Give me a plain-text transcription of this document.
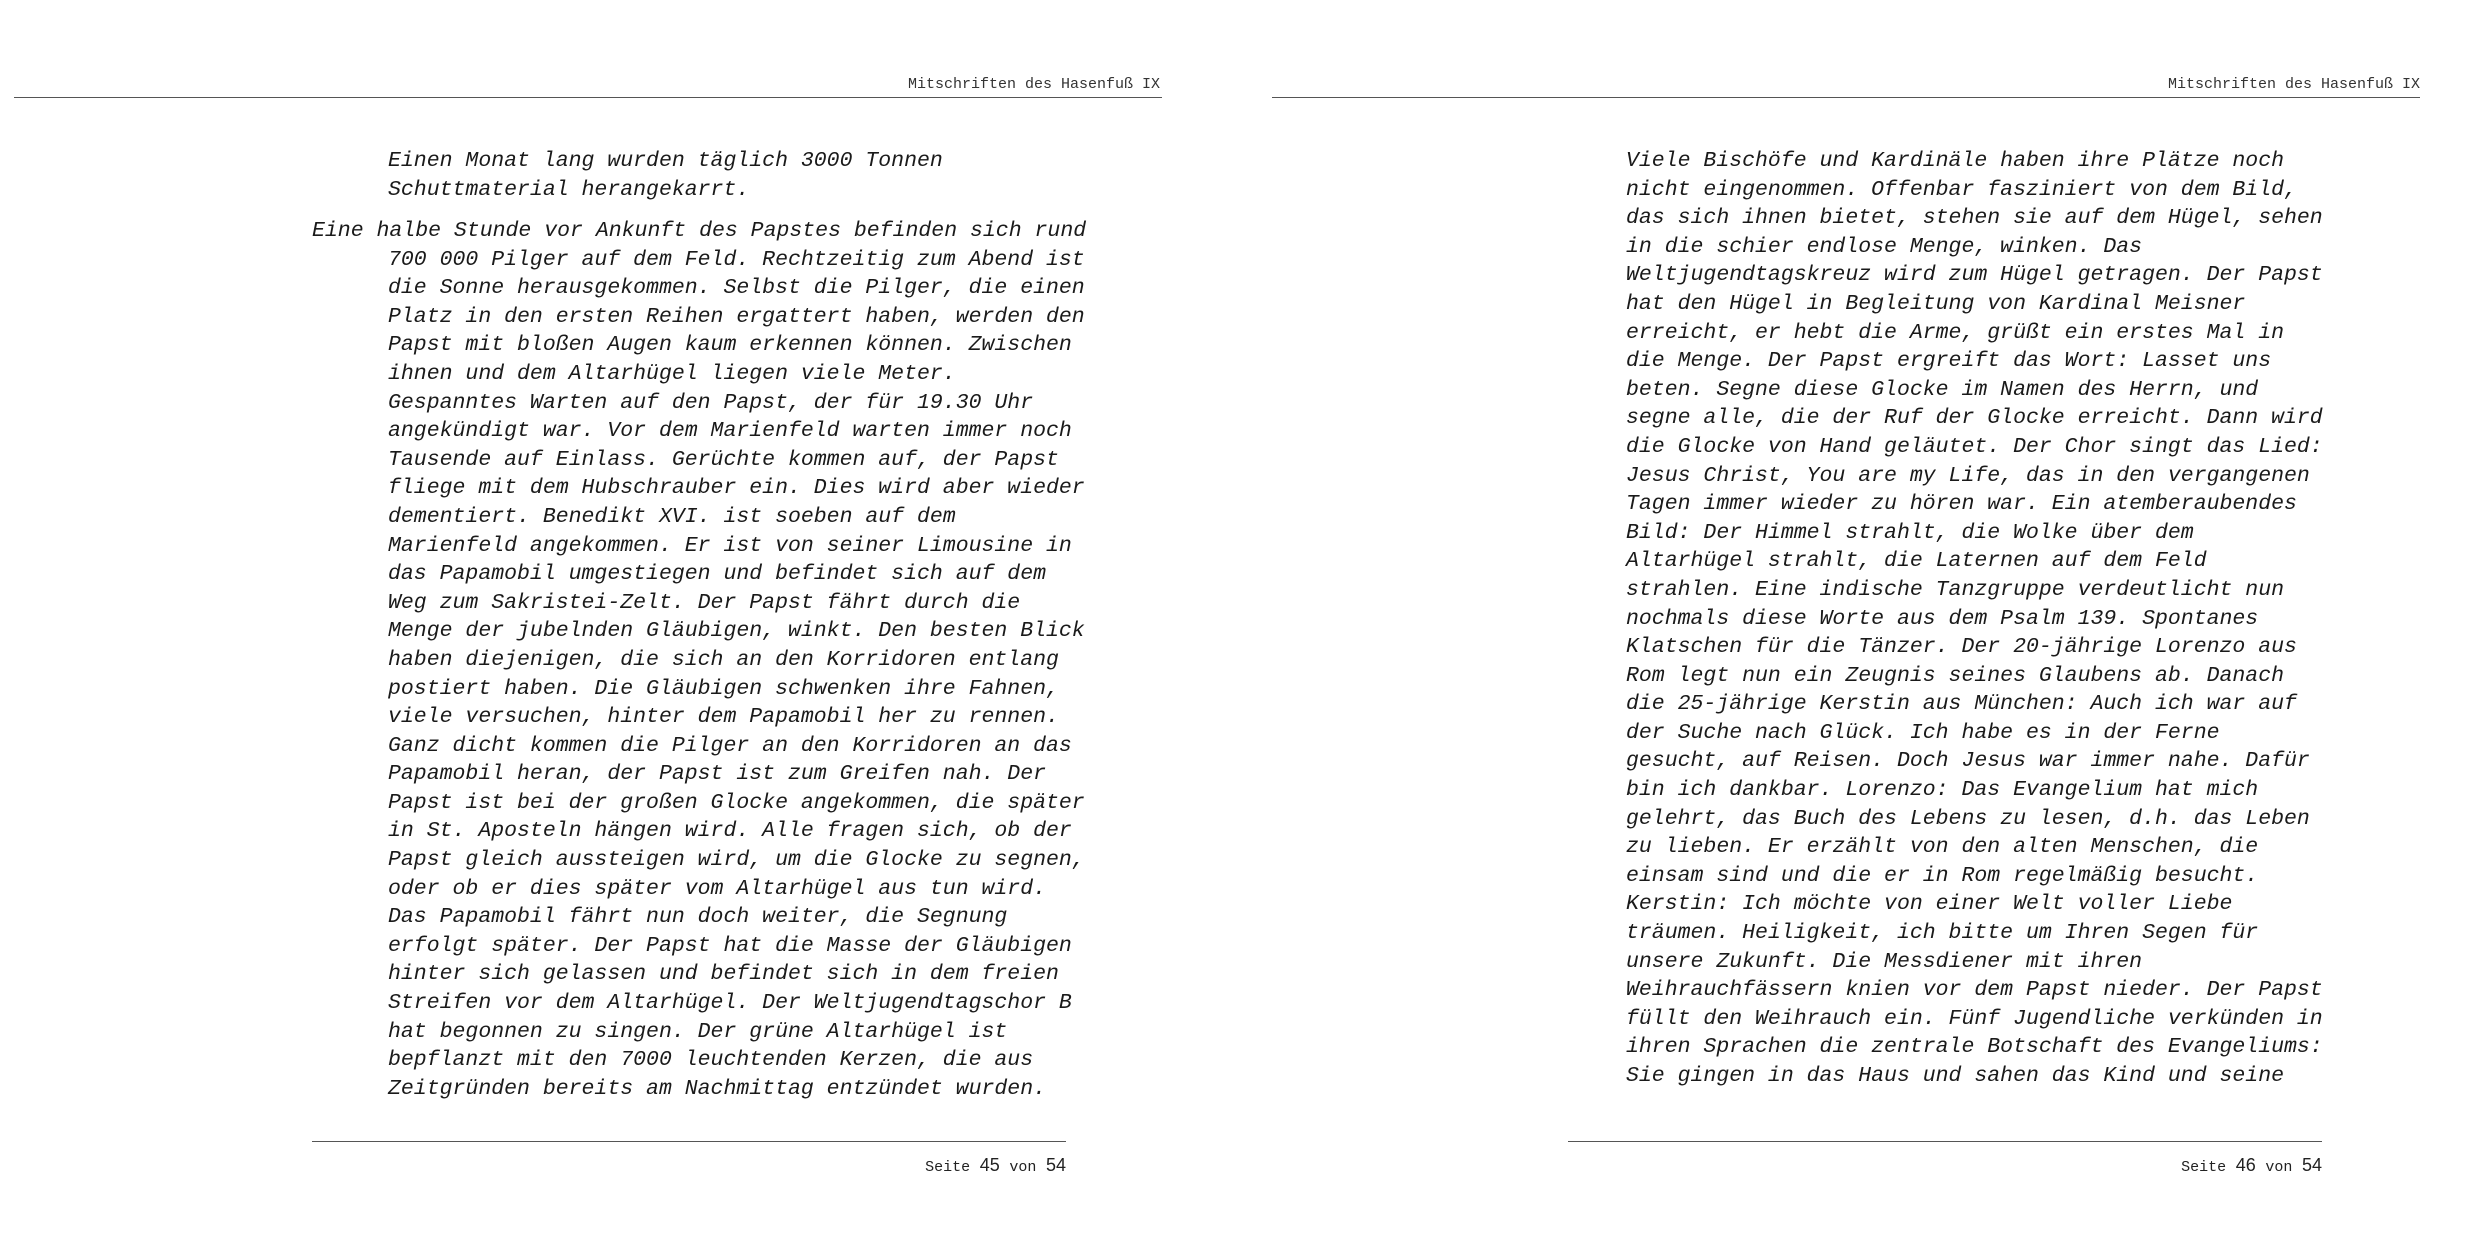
Mitschriften des Hasenfuß IX
Einen Monat lang wurden täglich 3000 Tonnen
Schuttmaterial herangekarrt.
Eine halbe Stunde vor Ankunft des Papstes befinden sich rund
700 000 Pilger auf dem Feld. Rechtzeitig zum Abend ist
die Sonne herausgekommen. Selbst die Pilger, die einen
Platz in den ersten Reihen ergattert haben, werden den
Papst mit bloßen Augen kaum erkennen können. Zwischen
ihnen und dem Altarhügel liegen viele Meter.
Gespanntes Warten auf den Papst, der für 19.30 Uhr
angekündigt war. Vor dem Marienfeld warten immer noch
Tausende auf Einlass. Gerüchte kommen auf, der Papst
fliege mit dem Hubschrauber ein. Dies wird aber wieder
dementiert. Benedikt XVI. ist soeben auf dem
Marienfeld angekommen. Er ist von seiner Limousine in
das Papamobil umgestiegen und befindet sich auf dem
Weg zum Sakristei-Zelt. Der Papst fährt durch die
Menge der jubelnden Gläubigen, winkt. Den besten Blick
haben diejenigen, die sich an den Korridoren entlang
postiert haben. Die Gläubigen schwenken ihre Fahnen,
viele versuchen, hinter dem Papamobil her zu rennen.
Ganz dicht kommen die Pilger an den Korridoren an das
Papamobil heran, der Papst ist zum Greifen nah. Der
Papst ist bei der großen Glocke angekommen, die später
in St. Aposteln hängen wird. Alle fragen sich, ob der
Papst gleich aussteigen wird, um die Glocke zu segnen,
oder ob er dies später vom Altarhügel aus tun wird.
Das Papamobil fährt nun doch weiter, die Segnung
erfolgt später. Der Papst hat die Masse der Gläubigen
hinter sich gelassen und befindet sich in dem freien
Streifen vor dem Altarhügel. Der Weltjugendtagschor B
hat begonnen zu singen. Der grüne Altarhügel ist
bepflanzt mit den 7000 leuchtenden Kerzen, die aus
Zeitgründen bereits am Nachmittag entzündet wurden.
Seite 45 von 54
Mitschriften des Hasenfuß IX
Viele Bischöfe und Kardinäle haben ihre Plätze noch
nicht eingenommen. Offenbar fasziniert von dem Bild,
das sich ihnen bietet, stehen sie auf dem Hügel, sehen
in die schier endlose Menge, winken. Das
Weltjugendtagskreuz wird zum Hügel getragen. Der Papst
hat den Hügel in Begleitung von Kardinal Meisner
erreicht, er hebt die Arme, grüßt ein erstes Mal in
die Menge. Der Papst ergreift das Wort: Lasset uns
beten. Segne diese Glocke im Namen des Herrn, und
segne alle, die der Ruf der Glocke erreicht. Dann wird
die Glocke von Hand geläutet. Der Chor singt das Lied:
Jesus Christ, You are my Life, das in den vergangenen
Tagen immer wieder zu hören war. Ein atemberaubendes
Bild: Der Himmel strahlt, die Wolke über dem
Altarhügel strahlt, die Laternen auf dem Feld
strahlen. Eine indische Tanzgruppe verdeutlicht nun
nochmals diese Worte aus dem Psalm 139. Spontanes
Klatschen für die Tänzer. Der 20-jährige Lorenzo aus
Rom legt nun ein Zeugnis seines Glaubens ab. Danach
die 25-jährige Kerstin aus München: Auch ich war auf
der Suche nach Glück. Ich habe es in der Ferne
gesucht, auf Reisen. Doch Jesus war immer nahe. Dafür
bin ich dankbar. Lorenzo: Das Evangelium hat mich
gelehrt, das Buch des Lebens zu lesen, d.h. das Leben
zu lieben. Er erzählt von den alten Menschen, die
einsam sind und die er in Rom regelmäßig besucht.
Kerstin: Ich möchte von einer Welt voller Liebe
träumen. Heiligkeit, ich bitte um Ihren Segen für
unsere Zukunft. Die Messdiener mit ihren
Weihrauchfässern knien vor dem Papst nieder. Der Papst
füllt den Weihrauch ein. Fünf Jugendliche verkünden in
ihren Sprachen die zentrale Botschaft des Evangeliums:
Sie gingen in das Haus und sahen das Kind und seine
Seite 46 von 54
